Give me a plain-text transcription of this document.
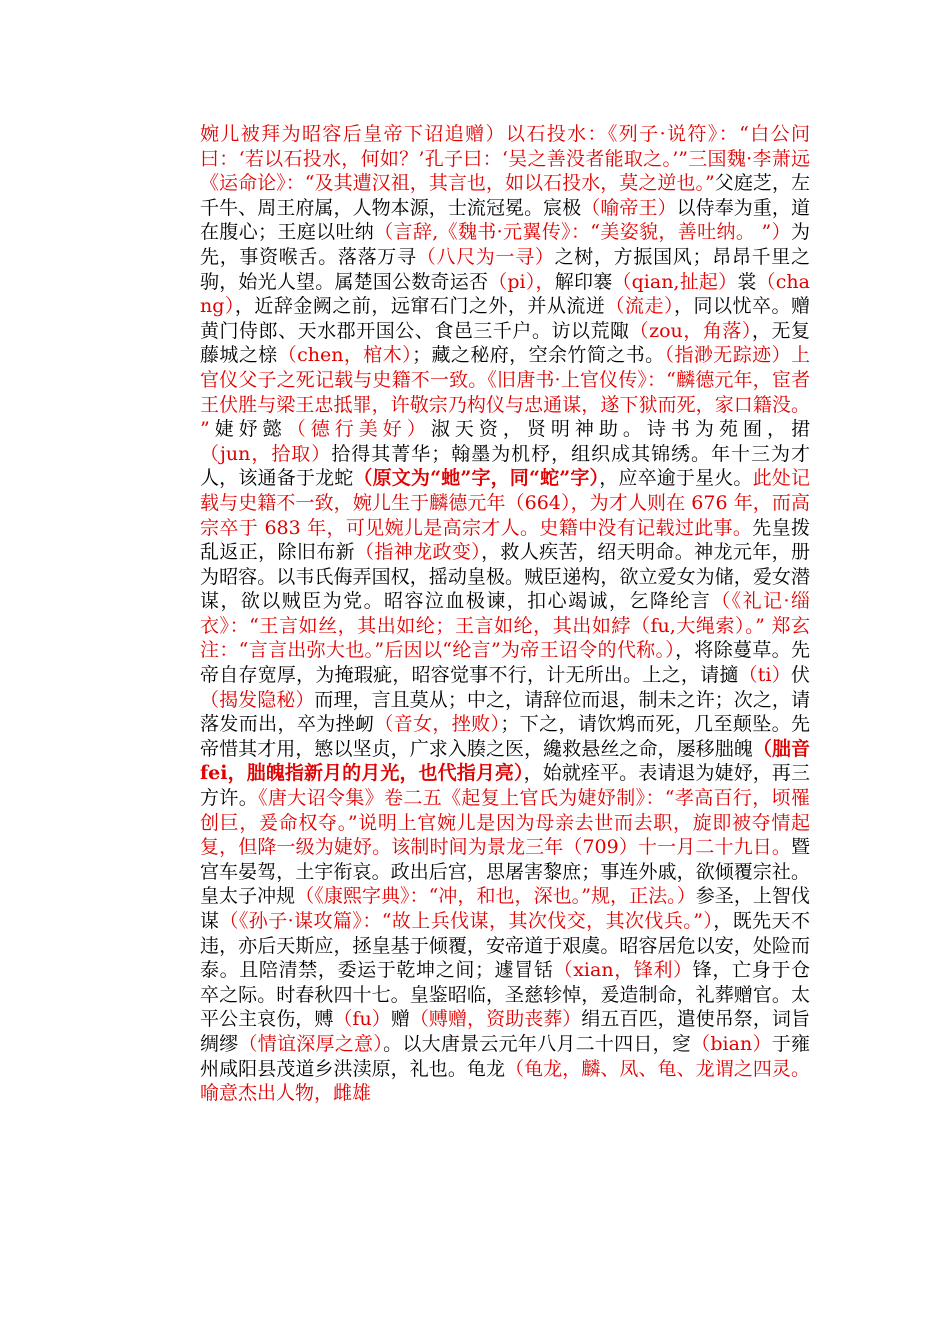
婉儿被拜为昭容后皇帝下诏追赠）以石投水：《列子·说符》：“白公问曰：‘若以石投水，何如？’孔子曰：‘吴之善没者能取之。’”三国魏·李萧远《运命论》：“及其遭汉祖，其言也，如以石投水，莫之逆也。”父庭芝，左千牛、周王府属，人物本源，士流冠冕。宸极（喻帝王）以侍奉为重，道在腹心；王庭以吐纳（言辞,《魏书·元翼传》：“美姿貌，善吐纳。 ”）为先，事资喉舌。落落万寻（八尺为一寻）之树，方振国风；昂昂千里之驹，始光人望。属楚国公数奇运否（pi），解印褰（qian,扯起）裳（chang），近辞金阙之前，远窜石门之外，并从流迸（流走），同以忧卒。赠黄门侍郎、天水郡开国公、食邑三千户。访以荒陬（zou，角落），无复藤城之榇（chen，棺木）；藏之秘府，空余竹简之书。（指渺无踪迹）上官仪父子之死记载与史籍不一致。《旧唐书·上官仪传》：“麟德元年，宦者王伏胜与梁王忠抵罪，许敬宗乃构仪与忠通谋，遂下狱而死，家口籍没。 ”婕妤懿（德行美好）淑天资，贤明神助。诗书为苑囿，捃（jun，拾取）拾得其菁华；翰墨为机杼，组织成其锦绣。年十三为才人，该通备于龙蛇（原文为“虵”字，同“蛇”字），应卒逾于星火。此处记载与史籍不一致，婉儿生于麟德元年（664），为才人则在 676 年，而高宗卒于 683 年，可见婉儿是高宗才人。史籍中没有记载过此事。先皇拨乱返正，除旧布新（指神龙政变），救人疾苦，绍天明命。神龙元年，册为昭容。以韦氏侮弄国权，摇动皇极。贼臣递构，欲立爱女为储，爱女潜谋，欲以贼臣为党。昭容泣血极谏，扣心竭诚，乞降纶言（《礼记·缁衣》：“王言如丝，其出如纶；王言如纶，其出如綍（fu,大绳索）。” 郑玄 注：“言言出弥大也。”后因以“纶言”为帝王诏令的代称。），将除蔓草。先帝自存宽厚，为掩瑕疵，昭容觉事不行，计无所出。上之，请擿（ti）伏（揭发隐秘）而理，言且莫从；中之，请辞位而退，制未之许；次之，请落发而出，卒为挫衂（音女，挫败）；下之，请饮鸩而死，几至颠坠。先帝惜其才用，慜以坚贞，广求入腠之医，纔救悬丝之命，屡移朏魄（朏音 fei，朏魄指新月的月光，也代指月亮），始就痊平。表请退为婕妤，再三方许。《唐大诏令集》卷二五《起复上官氏为婕妤制》：“孝高百行，顷罹创巨，爰命权夺。”说明上官婉儿是因为母亲去世而去职，旋即被夺情起复，但降一级为婕妤。该制时间为景龙三年（709）十一月二十九日。暨宫车晏驾，土宇衔哀。政出后宫，思屠害黎庶；事连外戚，欲倾覆宗社。皇太子冲规（《康熙字典》：“冲，和也，深也。”规，正法。）参圣，上智伐谋（《孙子·谋攻篇》：“故上兵伐谋，其次伐交，其次伐兵。”），既先天不违，亦后天斯应，拯皇基于倾覆，安帝道于艰虞。昭容居危以安，处险而泰。且陪清禁，委运于乾坤之间；遽冒铦（xian，锋利）锋，亡身于仓卒之际。时春秋四十七。皇鉴昭临，圣慈轸悼，爰造制命，礼葬赠官。太平公主哀伤，赙（fu）赠（赙赠，资助丧葬）绢五百匹，遣使吊祭，词旨绸缪（情谊深厚之意）。以大唐景云元年八月二十四日，窆（bian）于雍州咸阳县茂道乡洪渎原，礼也。龟龙（龟龙，麟、凤、龟、龙谓之四灵。喻意杰出人物，雌雄
